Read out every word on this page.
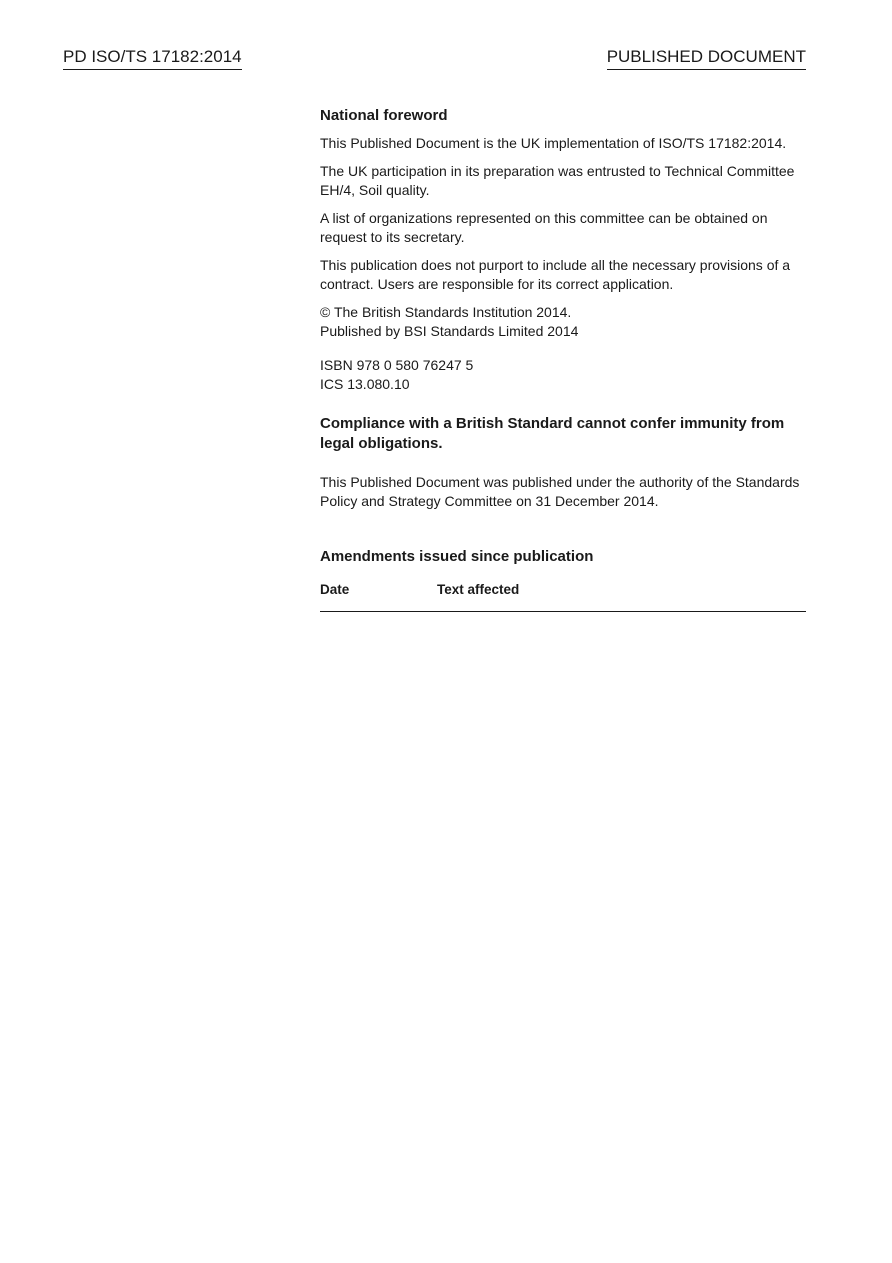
PD ISO/TS 17182:2014	PUBLISHED DOCUMENT

National foreword

This Published Document is the UK implementation of ISO/TS 17182:2014.

The UK participation in its preparation was entrusted to Technical Committee EH/4, Soil quality.

A list of organizations represented on this committee can be obtained on request to its secretary.

This publication does not purport to include all the necessary provisions of a contract. Users are responsible for its correct application.

© The British Standards Institution 2014.
Published by BSI Standards Limited 2014

ISBN 978 0 580 76247 5
ICS 13.080.10

Compliance with a British Standard cannot confer immunity from legal obligations.

This Published Document was published under the authority of the Standards Policy and Strategy Committee on 31 December 2014.

Amendments issued since publication

Date	Text affected
